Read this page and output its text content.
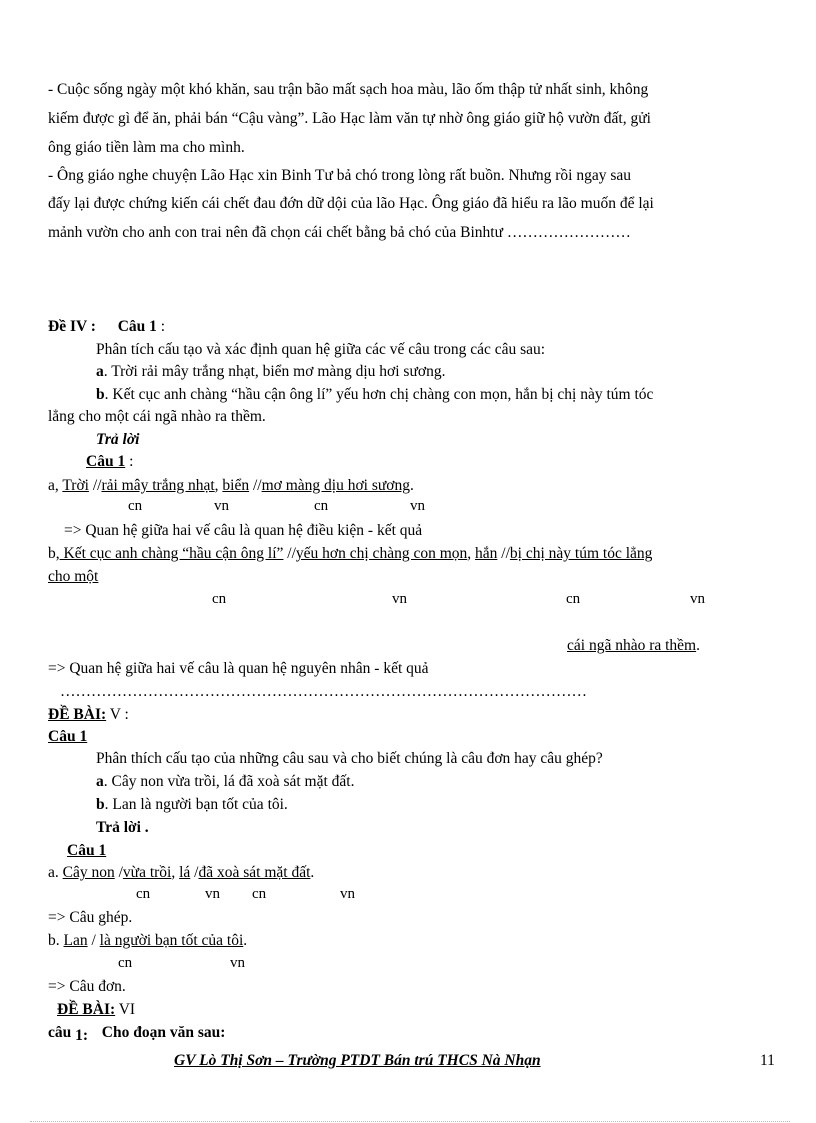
- Cuộc sống ngày một khó khăn, sau trận bão mất sạch hoa màu, lão ốm thập tử nhất sinh, không
kiếm được gì để ăn, phải bán “Cậu vàng”. Lão Hạc làm văn tự nhờ ông giáo giữ hộ vườn đất, gửi
ông giáo tiền làm ma cho mình.
- Ông giáo nghe chuyện Lão Hạc xin Binh Tư bả chó trong lòng rất buồn. Nhưng rồi ngay sau
đấy lại được chứng kiến cái chết đau đớn dữ dội của lão Hạc. Ông giáo đã hiểu ra lão muốn để lại
mảnh vườn cho anh con trai nên đã chọn cái chết bằng bả chó của Binhtư ……………………
Đề IV : Câu 1 :
Phân tích cấu tạo và xác định quan hệ giữa các vế câu trong các câu sau:
a. Trời rải mây trắng nhạt, biển mơ màng dịu hơi sương.
b. Kết cục anh chàng “hầu cận ông lí” yếu hơn chị chàng con mọn, hắn bị chị này túm tóc
lẳng cho một cái ngã nhào ra thềm.
Trả lời
Câu 1 :
a, Trời //rải mây trắng nhạt, biển //mơ màng dịu hơi sương.
cn	vn	cn	vn
=> Quan hệ giữa hai vế câu là quan hệ điều kiện - kết quả
b, Kết cục anh chàng “hầu cận ông lí” //yếu hơn chị chàng con mọn, hắn //bị chị này túm tóc lẳng
cho một
cn	vn	cn	vn
cái ngã nhào ra thềm.
=> Quan hệ giữa hai vế câu là quan hệ nguyên nhân - kết quả
…………………………………………………………………………………………
ĐỀ BÀI: V :
Câu 1
Phân thích cấu tạo của những câu sau và cho biết chúng là câu đơn hay câu ghép?
a. Cây non vừa trồi, lá đã xoà sát mặt đất.
b. Lan là người bạn tốt của tôi.
Trả lời .
Câu 1
a. Cây non /vừa trồi, lá /đã xoà sát mặt đất.
cn	vn cn	vn
=> Câu ghép.
b. Lan / là người bạn tốt của tôi.
cn	vn
=> Câu đơn.
ĐỀ BÀI: VI
câu 1: Cho đoạn văn sau:
GV Lò Thị Sơn – Trường PTDT Bán trú THCS Nà Nhạn	11
